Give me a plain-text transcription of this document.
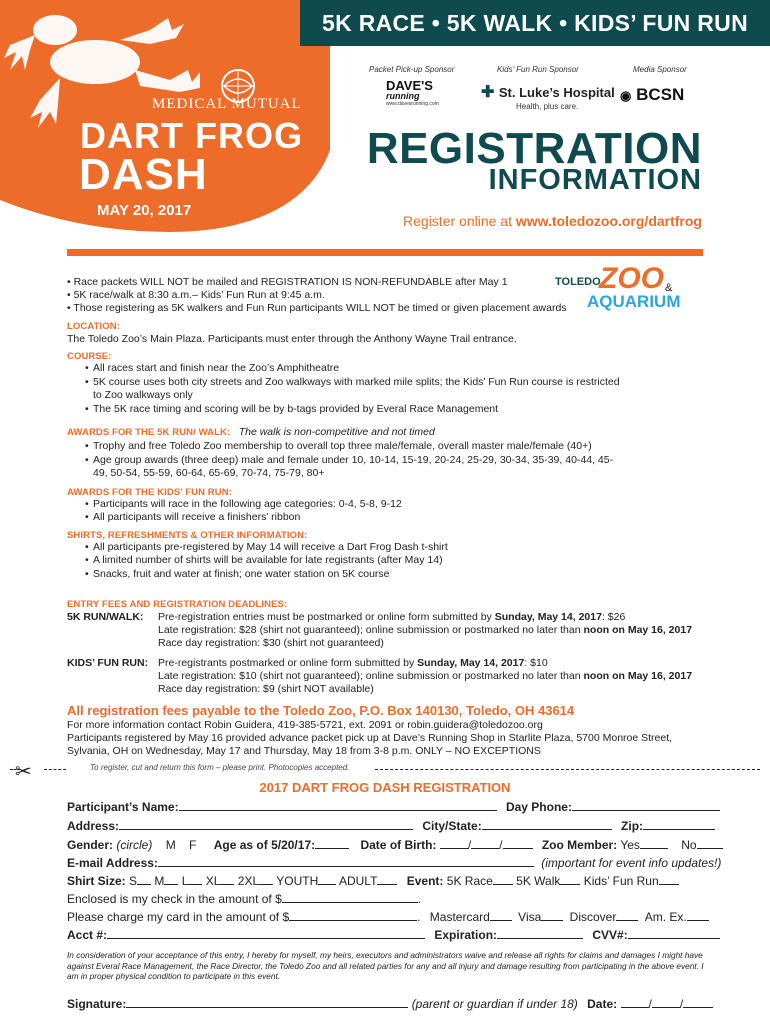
5K RACE • 5K WALK • KIDS’ FUN RUN
MEDICAL MUTUAL
DART FROG
DASH
MAY 20, 2017
Packet Pick-up Sponsor	Kids’ Fun Run Sponsor	Media Sponsor
DAVE'S
running
www.davesrunning.com
✚ St. Luke’s Hospital
Health, plus care.
◉ BCSN
REGISTRATION
INFORMATION
Register online at www.toledozoo.org/dartfrog
TOLEDO
ZOO &
AQUARIUM
• Race packets WILL NOT be mailed and REGISTRATION IS NON-REFUNDABLE after May 1
• 5K race/walk at 8:30 a.m.– Kids’ Fun Run at 9:45 a.m.
• Those registering as 5K walkers and Fun Run participants WILL NOT be timed or given placement awards
LOCATION:
The Toledo Zoo’s Main Plaza. Participants must enter through the Anthony Wayne Trail entrance.
COURSE:
• All races start and finish near the Zoo’s Amphitheatre
• 5K course uses both city streets and Zoo walkways with marked mile splits; the Kids’ Fun Run course is restricted to Zoo walkways only
• The 5K race timing and scoring will be by b-tags provided by Everal Race Management
AWARDS FOR THE 5K RUN/ WALK: The walk is non-competitive and not timed
• Trophy and free Toledo Zoo membership to overall top three male/female, overall master male/female (40+)
• Age group awards (three deep) male and female under 10, 10-14, 15-19, 20-24, 25-29, 30-34, 35-39, 40-44, 45-49, 50-54, 55-59, 60-64, 65-69, 70-74, 75-79, 80+
AWARDS FOR THE KIDS’ FUN RUN:
• Participants will race in the following age categories: 0-4, 5-8, 9-12
• All participants will receive a finishers’ ribbon
SHIRTS, REFRESHMENTS & OTHER INFORMATION:
• All participants pre-registered by May 14 will receive a Dart Frog Dash t-shirt
• A limited number of shirts will be available for late registrants (after May 14)
• Snacks, fruit and water at finish; one water station on 5K course
ENTRY FEES AND REGISTRATION DEADLINES:
5K RUN/WALK: Pre-registration entries must be postmarked or online form submitted by Sunday, May 14, 2017: $26
Late registration: $28 (shirt not guaranteed); online submission or postmarked no later than noon on May 16, 2017
Race day registration: $30 (shirt not guaranteed)
KIDS’ FUN RUN: Pre-registrants postmarked or online form submitted by Sunday, May 14, 2017: $10
Late registration: $10 (shirt not guaranteed); online submission or postmarked no later than noon on May 16, 2017
Race day registration: $9 (shirt NOT available)
All registration fees payable to the Toledo Zoo, P.O. Box 140130, Toledo, OH 43614
For more information contact Robin Guidera, 419-385-5721, ext. 2091 or robin.guidera@toledozoo.org
Participants registered by May 16 provided advance packet pick up at Dave’s Running Shop in Starlite Plaza, 5700 Monroe Street,
Sylvania, OH on Wednesday, May 17 and Thursday, May 18 from 3-8 p.m. ONLY – NO EXCEPTIONS
✂	To register, cut and return this form – please print. Photocopies accepted.
2017 DART FROG DASH REGISTRATION
Participant’s Name:	Day Phone:
Address:	City/State:	Zip:
Gender: (circle) M F Age as of 5/20/17:	Date of Birth:	/ /	Zoo Member: Yes	No
E-mail Address:	(important for event info updates!)
Shirt Size: S M L XL 2XL YOUTH ADULT Event: 5K Race 5K Walk Kids’ Fun Run
Enclosed is my check in the amount of $	.
Please charge my card in the amount of $	. Mastercard Visa Discover Am. Ex.
Acct #:	Expiration:	CVV#:
In consideration of your acceptance of this entry, I hereby for myself, my heirs, executors and administrators waive and release all rights for claims and damages I might have against Everal Race Management, the Race Director, the Toledo Zoo and all related parties for any and all injury and damage resulting from participating in the above event. I am in proper physical condition to participate in this event.
Signature:	(parent or guardian if under 18) Date:	/ /
